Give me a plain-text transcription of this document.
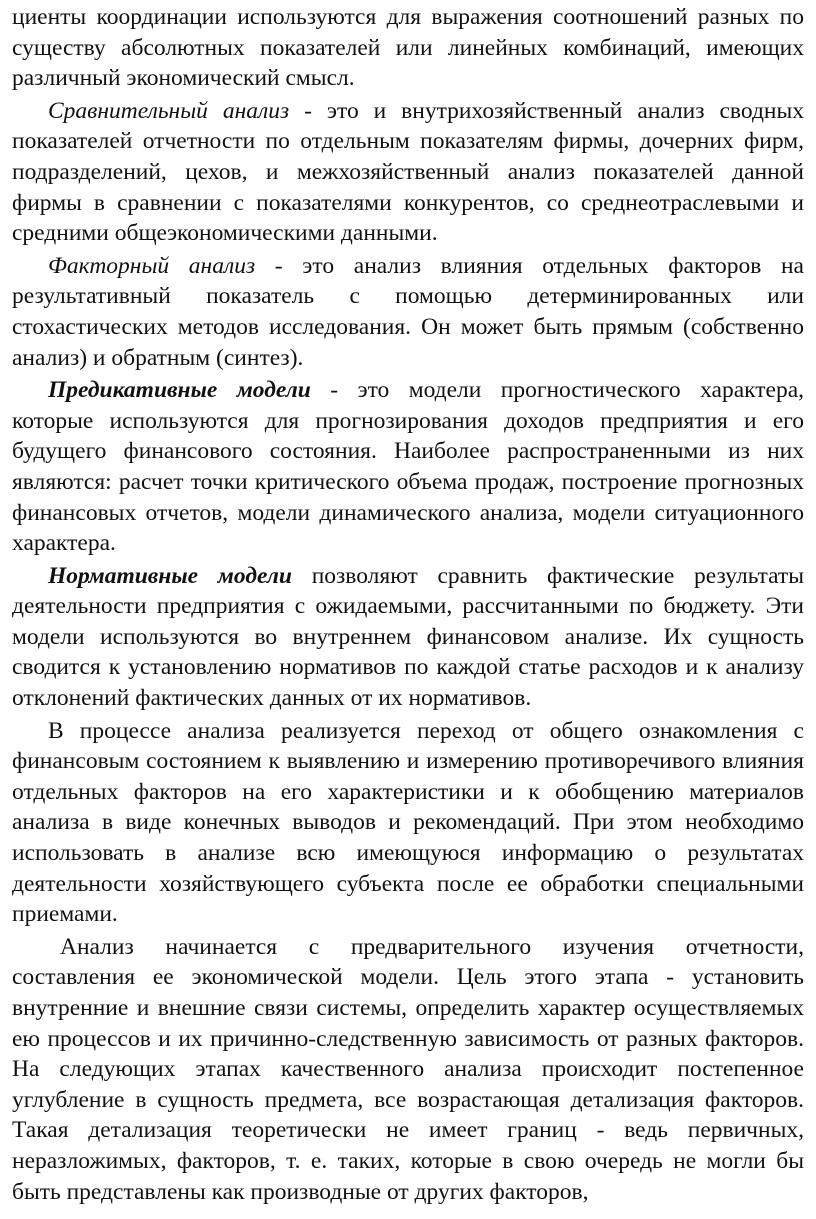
циенты координации используются для выражения соотношений разных по существу абсолютных показателей или линейных комбинаций, имеющих различный экономический смысл.

Сравнительный анализ - это и внутрихозяйственный анализ сводных показателей отчетности по отдельным показателям фирмы, дочерних фирм, подразделений, цехов, и межхозяйственный анализ показателей данной фирмы в сравнении с показателями конкурентов, со среднеотраслевыми и средними общеэкономическими данными.

Факторный анализ - это анализ влияния отдельных факторов на результативный показатель с помощью детерминированных или стохастических методов исследования. Он может быть прямым (собственно анализ) и обратным (синтез).

Предикативные модели - это модели прогностического характера, которые используются для прогнозирования доходов предприятия и его будущего финансового состояния. Наиболее распространенными из них являются: расчет точки критического объема продаж, построение прогнозных финансовых отчетов, модели динамического анализа, модели ситуационного характера.

Нормативные модели позволяют сравнить фактические результаты деятельности предприятия с ожидаемыми, рассчитанными по бюджету. Эти модели используются во внутреннем финансовом анализе. Их сущность сводится к установлению нормативов по каждой статье расходов и к анализу отклонений фактических данных от их нормативов.

В процессе анализа реализуется переход от общего ознакомления с финансовым состоянием к выявлению и измерению противоречивого влияния отдельных факторов на его характеристики и к обобщению материалов анализа в виде конечных выводов и рекомендаций. При этом необходимо использовать в анализе всю имеющуюся информацию о результатах деятельности хозяйствующего субъекта после ее обработки специальными приемами.

Анализ начинается с предварительного изучения отчетности, составления ее экономической модели. Цель этого этапа - установить внутренние и внешние связи системы, определить характер осуществляемых ею процессов и их причинно-следственную зависимость от разных факторов. На следующих этапах качественного анализа происходит постепенное углубление в сущность предмета, все возрастающая детализация факторов. Такая детализация теоретически не имеет границ - ведь первичных, неразложимых, факторов, т. е. таких, которые в свою очередь не могли бы быть представлены как производные от других факторов,
